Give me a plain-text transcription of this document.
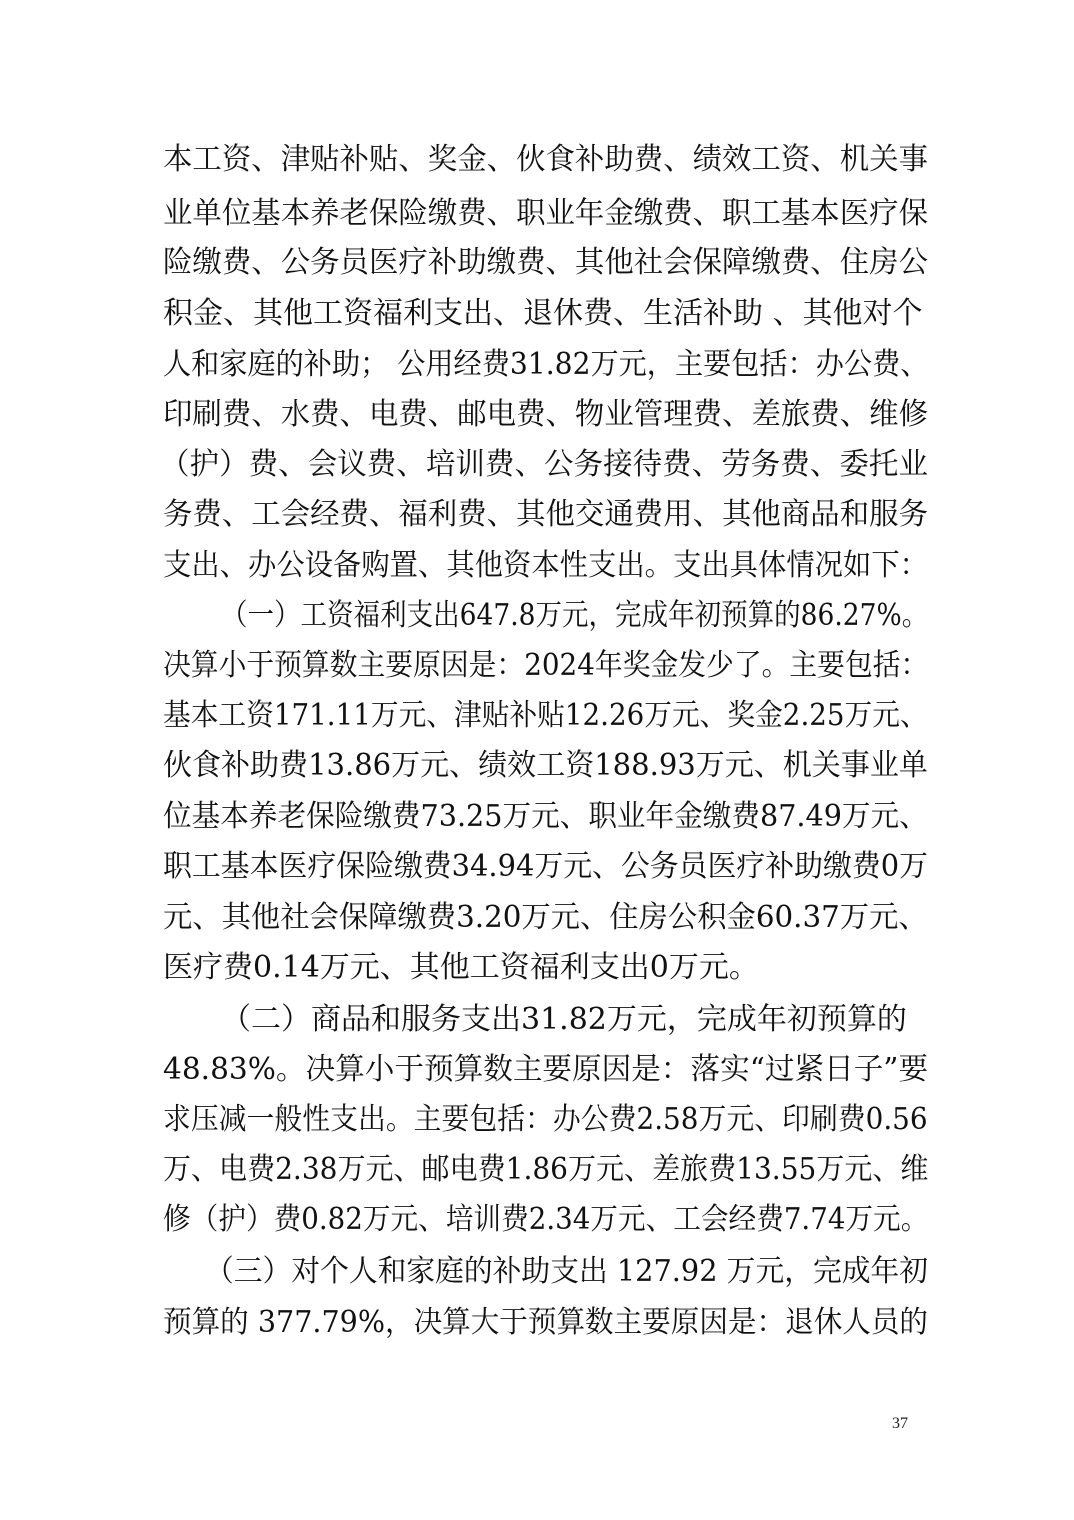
本工资、津贴补贴、奖金、伙食补助费、绩效工资、机关事
业单位基本养老保险缴费、职业年金缴费、职工基本医疗保
险缴费、公务员医疗补助缴费、其他社会保障缴费、住房公
积金、其他工资福利支出、退休费、生活补助 、其他对个
人和家庭的补助； 公用经费31.82万元，主要包括：办公费、
印刷费、水费、电费、邮电费、物业管理费、差旅费、维修
（护）费、会议费、培训费、公务接待费、劳务费、委托业
务费、工会经费、福利费、其他交通费用、其他商品和服务
支出、办公设备购置、其他资本性支出。支出具体情况如下：
（一）工资福利支出647.8万元，完成年初预算的86.27%。
决算小于预算数主要原因是：2024年奖金发少了。主要包括：
基本工资171.11万元、津贴补贴12.26万元、奖金2.25万元、
伙食补助费13.86万元、绩效工资188.93万元、机关事业单
位基本养老保险缴费73.25万元、职业年金缴费87.49万元、
职工基本医疗保险缴费34.94万元、公务员医疗补助缴费0万
元、其他社会保障缴费3.20万元、住房公积金60.37万元、
医疗费0.14万元、其他工资福利支出0万元。
（二）商品和服务支出31.82万元，完成年初预算的
48.83%。决算小于预算数主要原因是：落实“过紧日子”要
求压减一般性支出。主要包括：办公费2.58万元、印刷费0.56
万、电费2.38万元、邮电费1.86万元、差旅费13.55万元、维
修（护）费0.82万元、培训费2.34万元、工会经费7.74万元。
（三）对个人和家庭的补助支出 127.92 万元，完成年初
预算的 377.79%，决算大于预算数主要原因是：退休人员的
37
